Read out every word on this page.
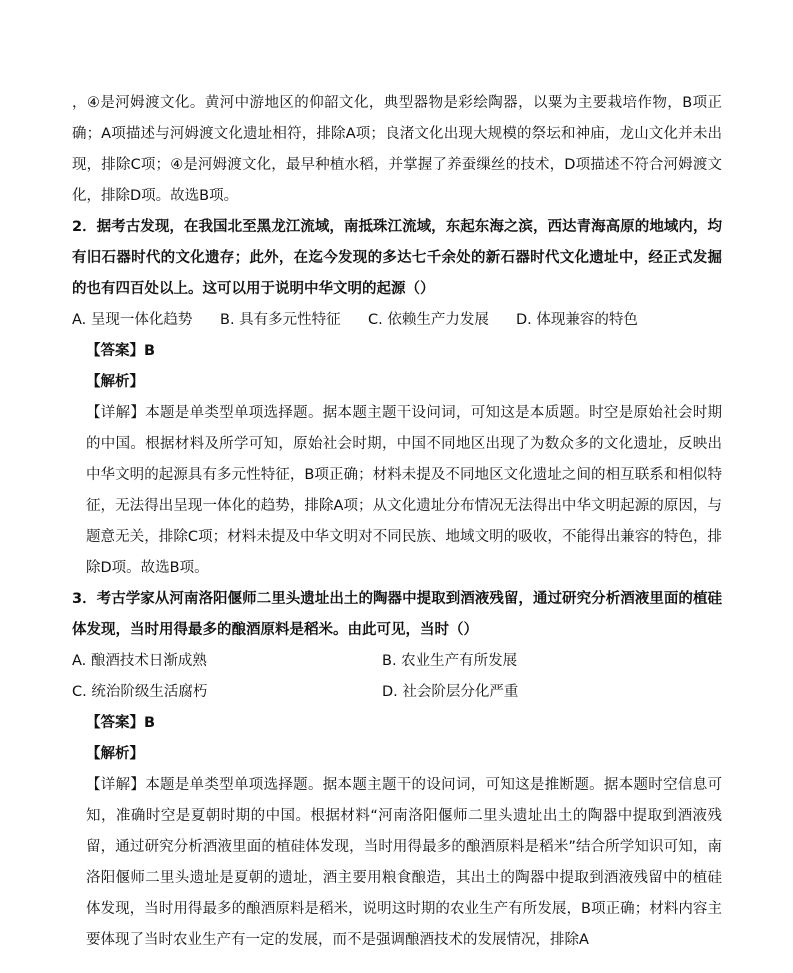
，④是河姆渡文化。黄河中游地区的仰韶文化，典型器物是彩绘陶器，以粟为主要栽培作物，B项正确；A项描述与河姆渡文化遗址相符，排除A项；良渚文化出现大规模的祭坛和神庙，龙山文化并未出现，排除C项；④是河姆渡文化，最早种植水稻，并掌握了养蚕缫丝的技术，D项描述不符合河姆渡文化，排除D项。故选B项。

2．据考古发现，在我国北至黑龙江流域，南抵珠江流域，东起东海之滨，西达青海高原的地域内，均有旧石器时代的文化遗存；此外，在迄今发现的多达七千余处的新石器时代文化遗址中，经正式发掘的也有四百处以上。这可以用于说明中华文明的起源（）

A. 呈现一体化趋势	B. 具有多元性特征	C. 依赖生产力发展	D. 体现兼容的特色

【答案】B

【解析】

【详解】本题是单类型单项选择题。据本题主题干设问词，可知这是本质题。时空是原始社会时期的中国。根据材料及所学可知，原始社会时期，中国不同地区出现了为数众多的文化遗址，反映出中华文明的起源具有多元性特征，B项正确；材料未提及不同地区文化遗址之间的相互联系和相似特征，无法得出呈现一体化的趋势，排除A项；从文化遗址分布情况无法得出中华文明起源的原因，与题意无关，排除C项；材料未提及中华文明对不同民族、地域文明的吸收，不能得出兼容的特色，排除D项。故选B项。

3．考古学家从河南洛阳偃师二里头遗址出土的陶器中提取到酒液残留，通过研究分析酒液里面的植硅体发现，当时用得最多的酿酒原料是稻米。由此可见，当时（）

A. 酿酒技术日渐成熟	B. 农业生产有所发展
C. 统治阶级生活腐朽	D. 社会阶层分化严重

【答案】B

【解析】

【详解】本题是单类型单项选择题。据本题主题干的设问词，可知这是推断题。据本题时空信息可知，准确时空是夏朝时期的中国。根据材料“河南洛阳偃师二里头遗址出土的陶器中提取到酒液残留，通过研究分析酒液里面的植硅体发现，当时用得最多的酿酒原料是稻米”结合所学知识可知，南洛阳偃师二里头遗址是夏朝的遗址，酒主要用粮食酿造，其出土的陶器中提取到酒液残留中的植硅体发现，当时用得最多的酿酒原料是稻米，说明这时期的农业生产有所发展，B项正确；材料内容主要体现了当时农业生产有一定的发展，而不是强调酿酒技术的发展情况，排除A
